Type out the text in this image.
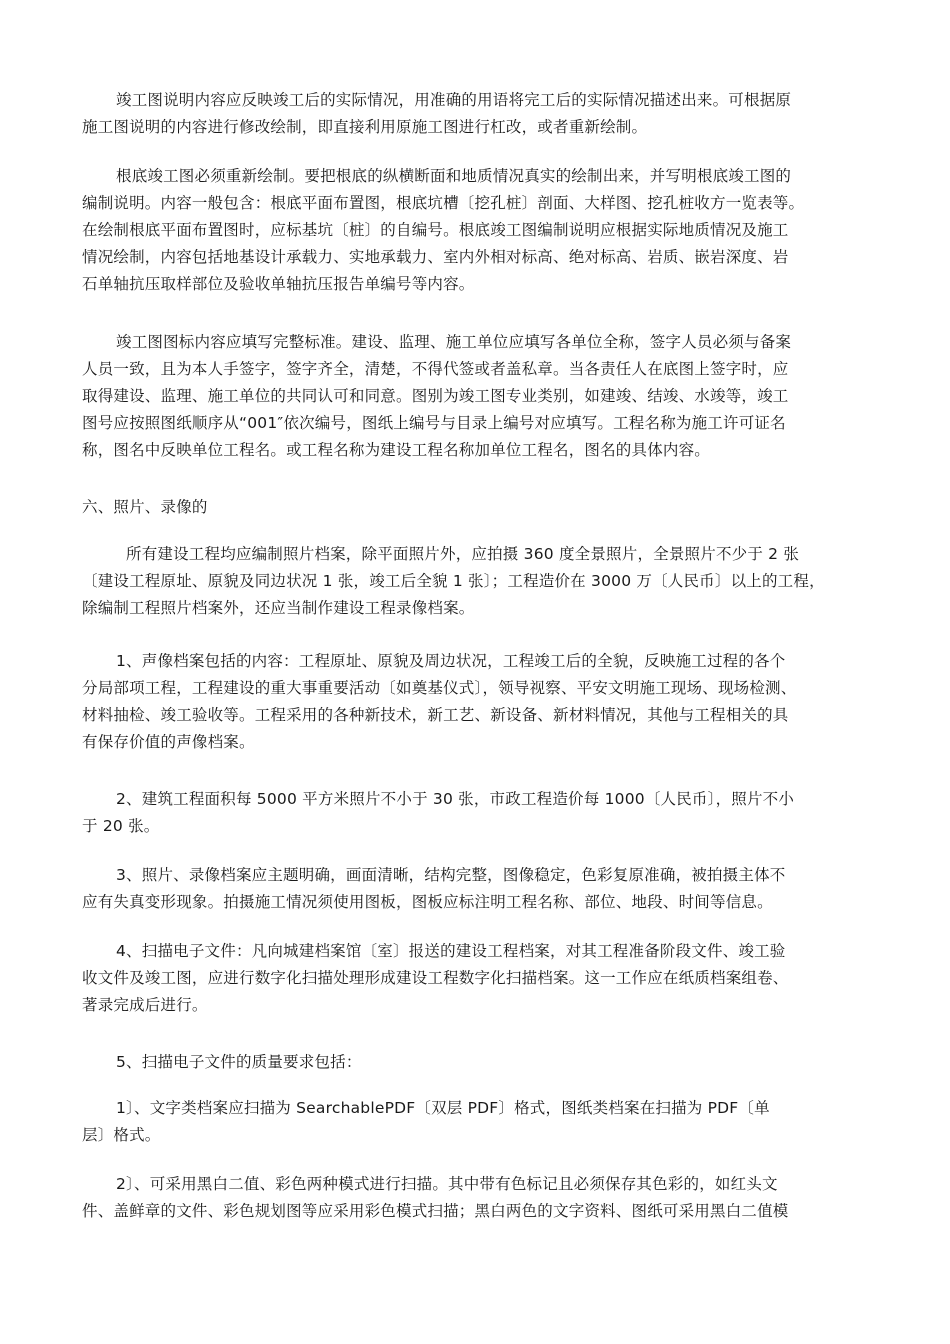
竣工图说明内容应反映竣工后的实际情况，用准确的用语将完工后的实际情况描述出来。可根据原
施工图说明的内容进行修改绘制，即直接利用原施工图进行杠改，或者重新绘制。
根底竣工图必须重新绘制。要把根底的纵横断面和地质情况真实的绘制出来，并写明根底竣工图的
编制说明。内容一般包含：根底平面布置图，根底坑槽〔挖孔桩〕剖面、大样图、挖孔桩收方一览表等。
在绘制根底平面布置图时，应标基坑〔桩〕的自编号。根底竣工图编制说明应根据实际地质情况及施工
情况绘制，内容包括地基设计承载力、实地承载力、室内外相对标高、绝对标高、岩质、嵌岩深度、岩
石单轴抗压取样部位及验收单轴抗压报告单编号等内容。
竣工图图标内容应填写完整标准。建设、监理、施工单位应填写各单位全称，签字人员必须与备案
人员一致，且为本人手签字，签字齐全，清楚，不得代签或者盖私章。当各责任人在底图上签字时，应
取得建设、监理、施工单位的共同认可和同意。图别为竣工图专业类别，如建竣、结竣、水竣等，竣工
图号应按照图纸顺序从“001″依次编号，图纸上编号与目录上编号对应填写。工程名称为施工许可证名
称，图名中反映单位工程名。或工程名称为建设工程名称加单位工程名，图名的具体内容。
六、照片、录像的
所有建设工程均应编制照片档案，除平面照片外，应拍摄 360 度全景照片，全景照片不少于 2 张
〔建设工程原址、原貌及同边状况 1 张，竣工后全貌 1 张〕；工程造价在 3000 万〔人民币〕以上的工程，
除编制工程照片档案外，还应当制作建设工程录像档案。
1、声像档案包括的内容：工程原址、原貌及周边状况，工程竣工后的全貌，反映施工过程的各个
分局部项工程，工程建设的重大事重要活动〔如奠基仪式〕，领导视察、平安文明施工现场、现场检测、
材料抽检、竣工验收等。工程采用的各种新技术，新工艺、新设备、新材料情况，其他与工程相关的具
有保存价值的声像档案。
2、建筑工程面积每 5000 平方米照片不小于 30 张，市政工程造价每 1000〔人民币〕，照片不小
于 20 张。
3、照片、录像档案应主题明确，画面清晰，结构完整，图像稳定，色彩复原准确，被拍摄主体不
应有失真变形现象。拍摄施工情况须使用图板，图板应标注明工程名称、部位、地段、时间等信息。
4、扫描电子文件：凡向城建档案馆〔室〕报送的建设工程档案，对其工程准备阶段文件、竣工验
收文件及竣工图，应进行数字化扫描处理形成建设工程数字化扫描档案。这一工作应在纸质档案组卷、
著录完成后进行。
5、扫描电子文件的质量要求包括：
1〕、文字类档案应扫描为 SearchablePDF〔双层 PDF〕格式，图纸类档案在扫描为 PDF〔单
层〕格式。
2〕、可采用黑白二值、彩色两种模式进行扫描。其中带有色标记且必须保存其色彩的，如红头文
件、盖鲜章的文件、彩色规划图等应采用彩色模式扫描；黑白两色的文字资料、图纸可采用黑白二值模
